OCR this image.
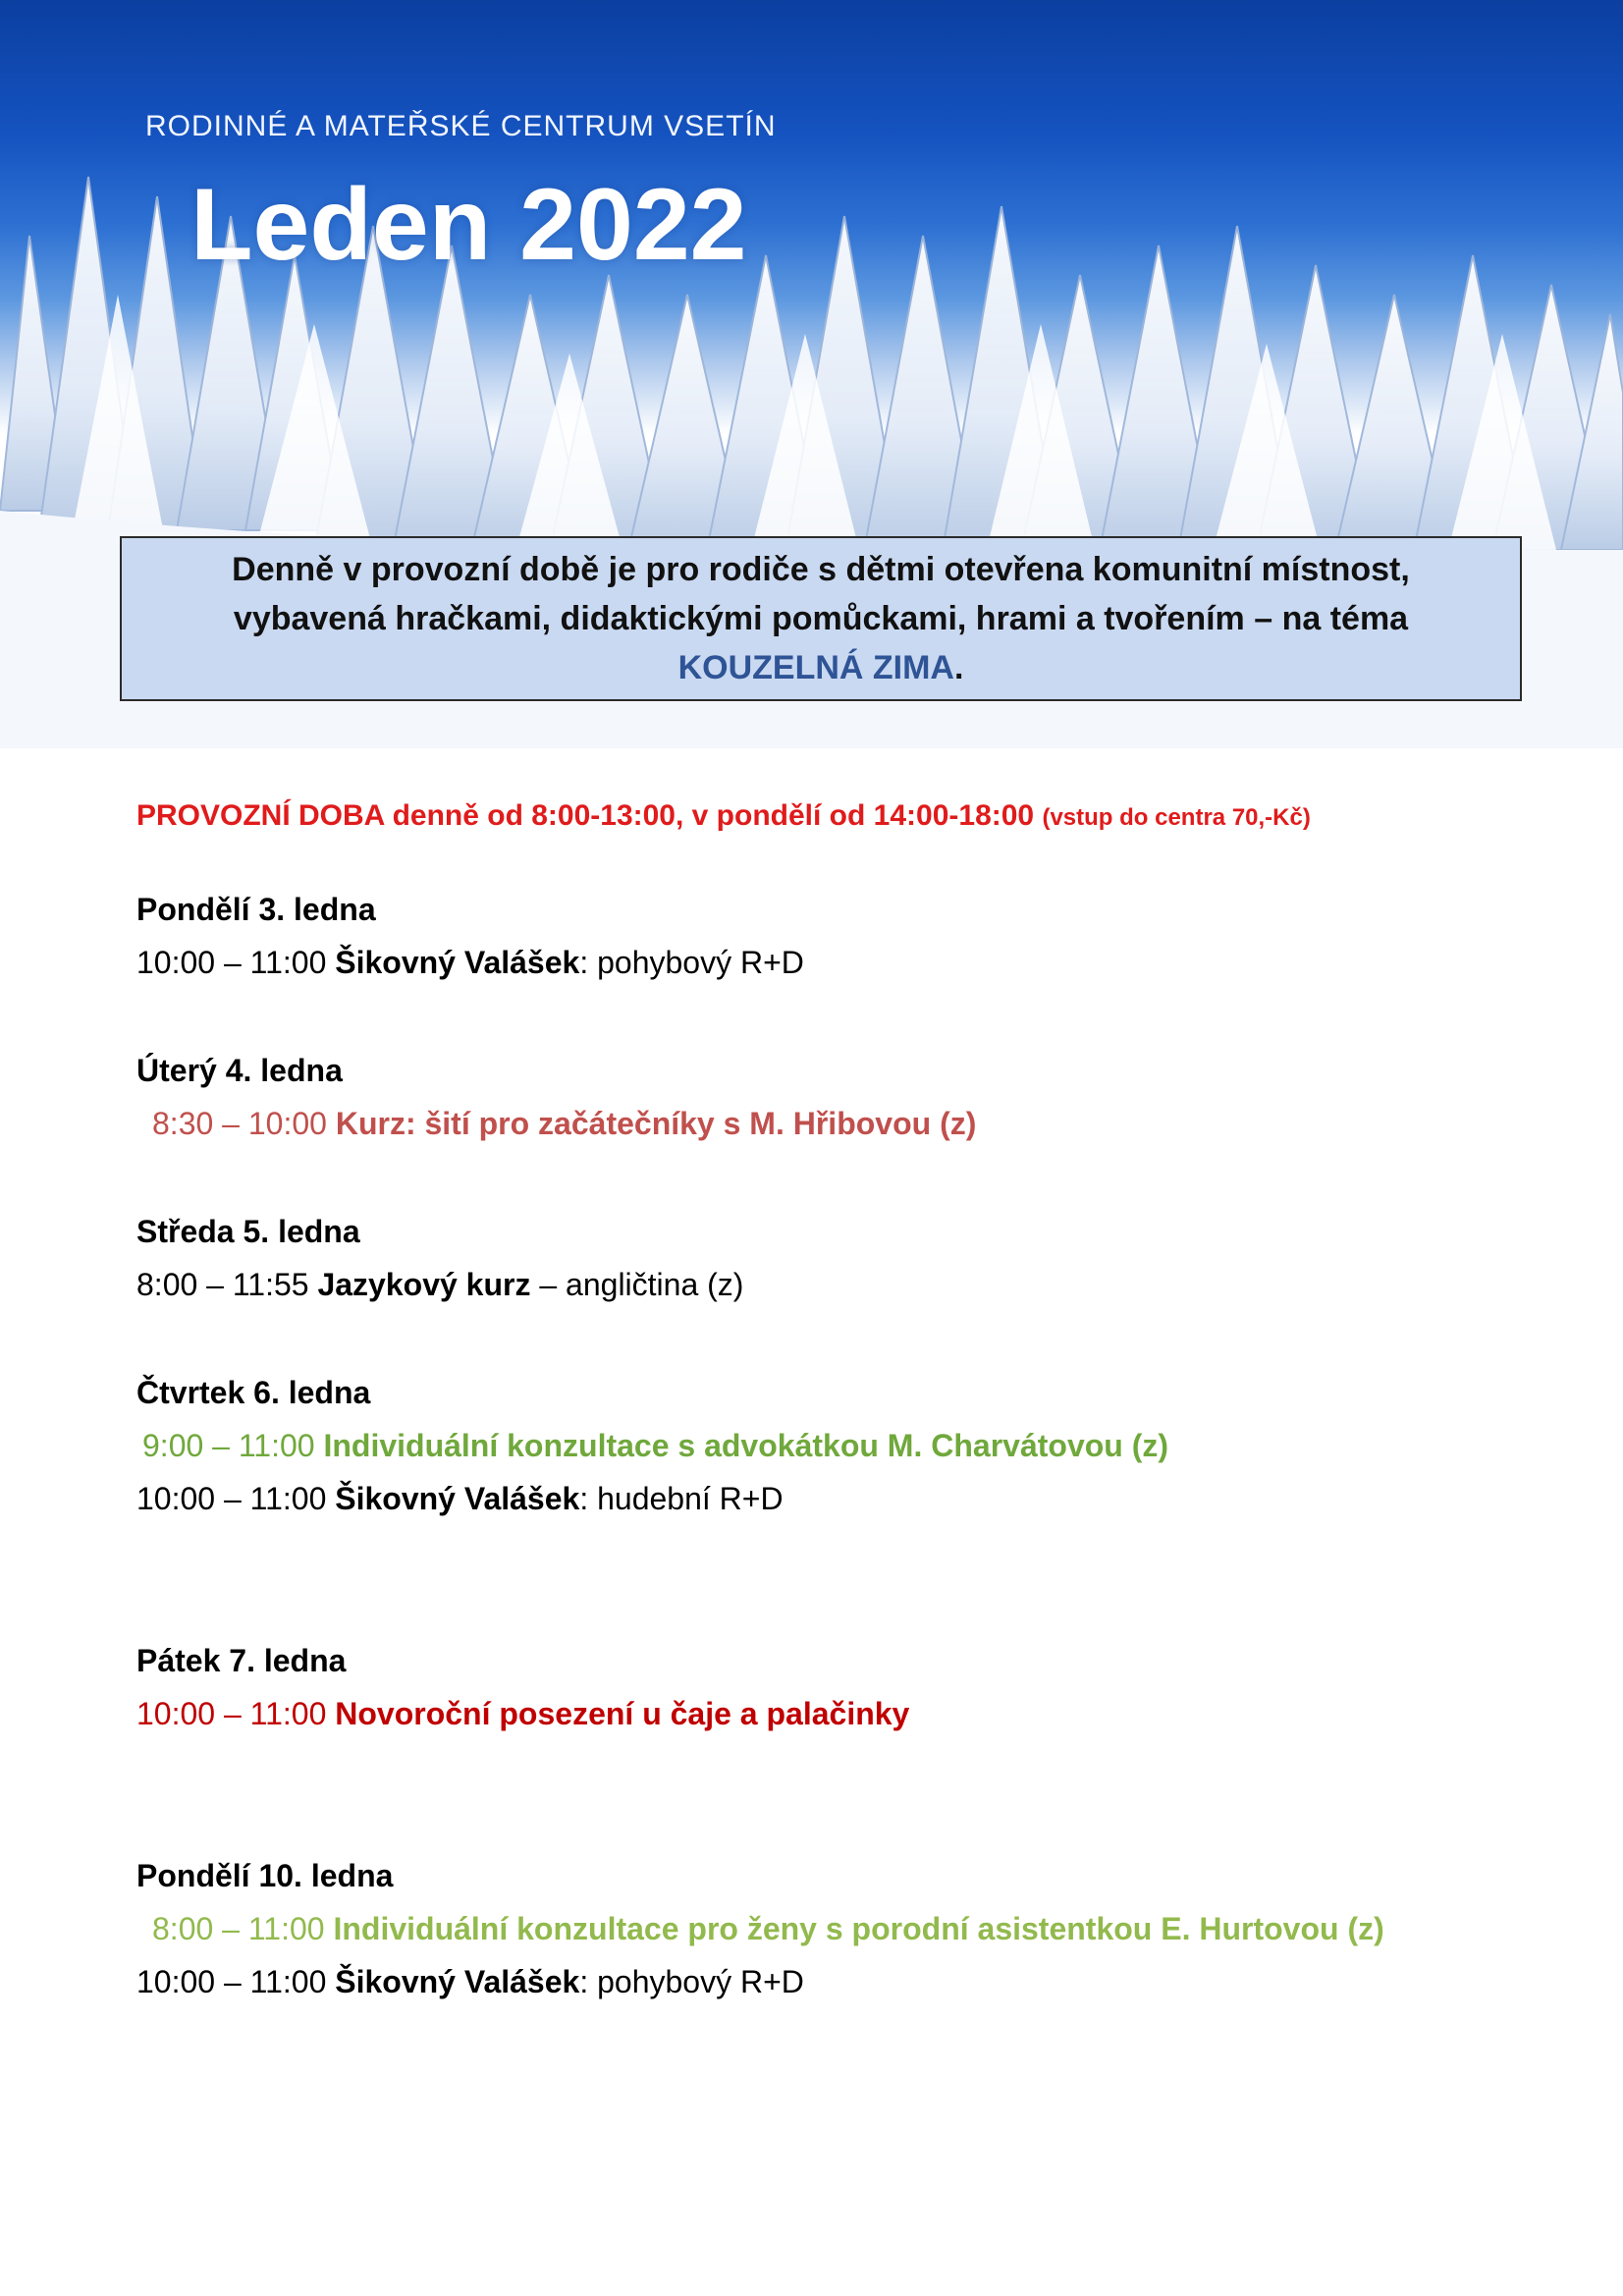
RODINNÉ A MATEŘSKÉ CENTRUM VSETÍN
Leden 2022

Denně v provozní době je pro rodiče s dětmi otevřena komunitní místnost, vybavená hračkami, didaktickými pomůckami, hrami a tvořením – na téma KOUZELNÁ ZIMA.

PROVOZNÍ DOBA denně od 8:00-13:00, v pondělí od 14:00-18:00 (vstup do centra 70,-Kč)
Pondělí 3. ledna
10:00 – 11:00 Šikovný Valášek: pohybový R+D
Úterý 4. ledna
8:30 – 10:00 Kurz: šití pro začátečníky s M. Hřibovou (z)
Středa 5. ledna
8:00 – 11:55 Jazykový kurz – angličtina (z)
Čtvrtek 6. ledna
9:00 – 11:00 Individuální konzultace s advokátkou M. Charvátovou (z)
10:00 – 11:00 Šikovný Valášek: hudební R+D
Pátek 7. ledna
10:00 – 11:00 Novoroční posezení u čaje a palačinky
Pondělí 10. ledna
8:00 – 11:00 Individuální konzultace pro ženy s porodní asistentkou E. Hurtovou (z)
10:00 – 11:00 Šikovný Valášek: pohybový R+D
